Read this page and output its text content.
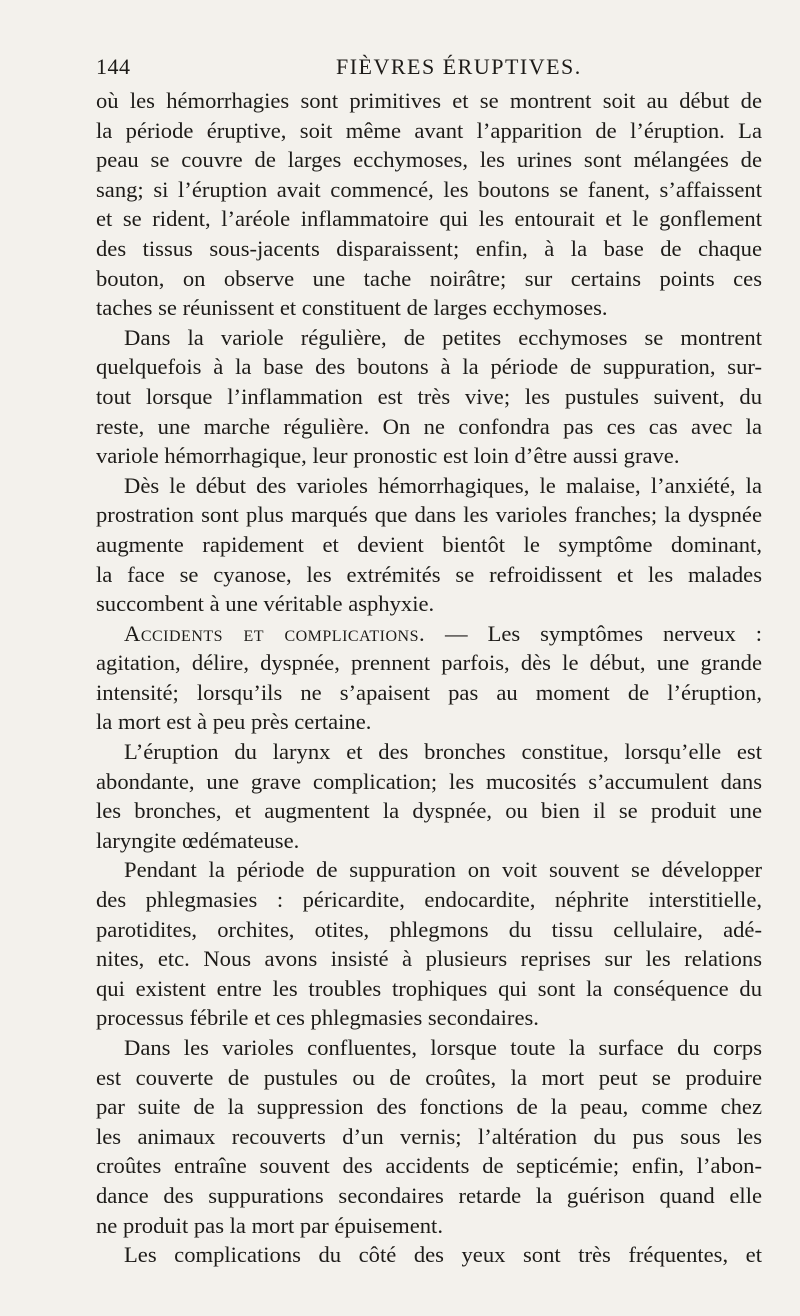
144	FIÈVRES ÉRUPTIVES.
où les hémorrhagies sont primitives et se montrent soit au début de
la période éruptive, soit même avant l’apparition de l’éruption. La
peau se couvre de larges ecchymoses, les urines sont mélangées de
sang; si l’éruption avait commencé, les boutons se fanent, s’affaissent
et se rident, l’aréole inflammatoire qui les entourait et le gonflement
des tissus sous-jacents disparaissent; enfin, à la base de chaque
bouton, on observe une tache noirâtre; sur certains points ces
taches se réunissent et constituent de larges ecchymoses.
Dans la variole régulière, de petites ecchymoses se montrent
quelquefois à la base des boutons à la période de suppuration, sur-
tout lorsque l’inflammation est très vive; les pustules suivent, du
reste, une marche régulière. On ne confondra pas ces cas avec la
variole hémorrhagique, leur pronostic est loin d’être aussi grave.
Dès le début des varioles hémorrhagiques, le malaise, l’anxiété, la
prostration sont plus marqués que dans les varioles franches; la dyspnée
augmente rapidement et devient bientôt le symptôme dominant,
la face se cyanose, les extrémités se refroidissent et les malades
succombent à une véritable asphyxie.
Accidents et complications. — Les symptômes nerveux :
agitation, délire, dyspnée, prennent parfois, dès le début, une grande
intensité; lorsqu’ils ne s’apaisent pas au moment de l’éruption,
la mort est à peu près certaine.
L’éruption du larynx et des bronches constitue, lorsqu’elle est
abondante, une grave complication; les mucosités s’accumulent dans
les bronches, et augmentent la dyspnée, ou bien il se produit une
laryngite œdémateuse.
Pendant la période de suppuration on voit souvent se développer
des phlegmasies : péricardite, endocardite, néphrite interstitielle,
parotidites, orchites, otites, phlegmons du tissu cellulaire, adé-
nites, etc. Nous avons insisté à plusieurs reprises sur les relations
qui existent entre les troubles trophiques qui sont la conséquence du
processus fébrile et ces phlegmasies secondaires.
Dans les varioles confluentes, lorsque toute la surface du corps
est couverte de pustules ou de croûtes, la mort peut se produire
par suite de la suppression des fonctions de la peau, comme chez
les animaux recouverts d’un vernis; l’altération du pus sous les
croûtes entraîne souvent des accidents de septicémie; enfin, l’abon-
dance des suppurations secondaires retarde la guérison quand elle
ne produit pas la mort par épuisement.
Les complications du côté des yeux sont très fréquentes, et
